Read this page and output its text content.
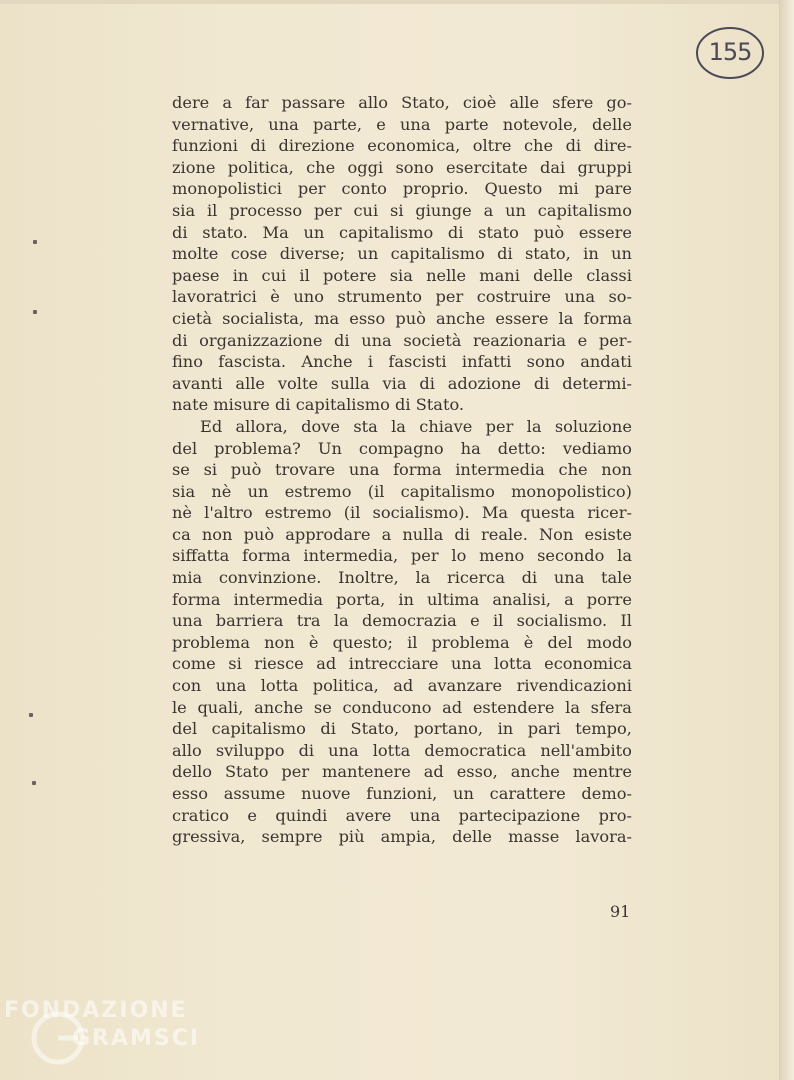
155
dere a far passare allo Stato, cioè alle sfere go-
vernative, una parte, e una parte notevole, delle
funzioni di direzione economica, oltre che di dire-
zione politica, che oggi sono esercitate dai gruppi
monopolistici per conto proprio. Questo mi pare
sia il processo per cui si giunge a un capitalismo
di stato. Ma un capitalismo di stato può essere
molte cose diverse; un capitalismo di stato, in un
paese in cui il potere sia nelle mani delle classi
lavoratrici è uno strumento per costruire una so-
cietà socialista, ma esso può anche essere la forma
di organizzazione di una società reazionaria e per-
fino fascista. Anche i fascisti infatti sono andati
avanti alle volte sulla via di adozione di determi-
nate misure di capitalismo di Stato.
Ed allora, dove sta la chiave per la soluzione
del problema? Un compagno ha detto: vediamo
se si può trovare una forma intermedia che non
sia nè un estremo (il capitalismo monopolistico)
nè l'altro estremo (il socialismo). Ma questa ricer-
ca non può approdare a nulla di reale. Non esiste
siffatta forma intermedia, per lo meno secondo la
mia convinzione. Inoltre, la ricerca di una tale
forma intermedia porta, in ultima analisi, a porre
una barriera tra la democrazia e il socialismo. Il
problema non è questo; il problema è del modo
come si riesce ad intrecciare una lotta economica
con una lotta politica, ad avanzare rivendicazioni
le quali, anche se conducono ad estendere la sfera
del capitalismo di Stato, portano, in pari tempo,
allo sviluppo di una lotta democratica nell'ambito
dello Stato per mantenere ad esso, anche mentre
esso assume nuove funzioni, un carattere demo-
cratico e quindi avere una partecipazione pro-
gressiva, sempre più ampia, delle masse lavora-
91
FONDAZIONE
GRAMSCI
